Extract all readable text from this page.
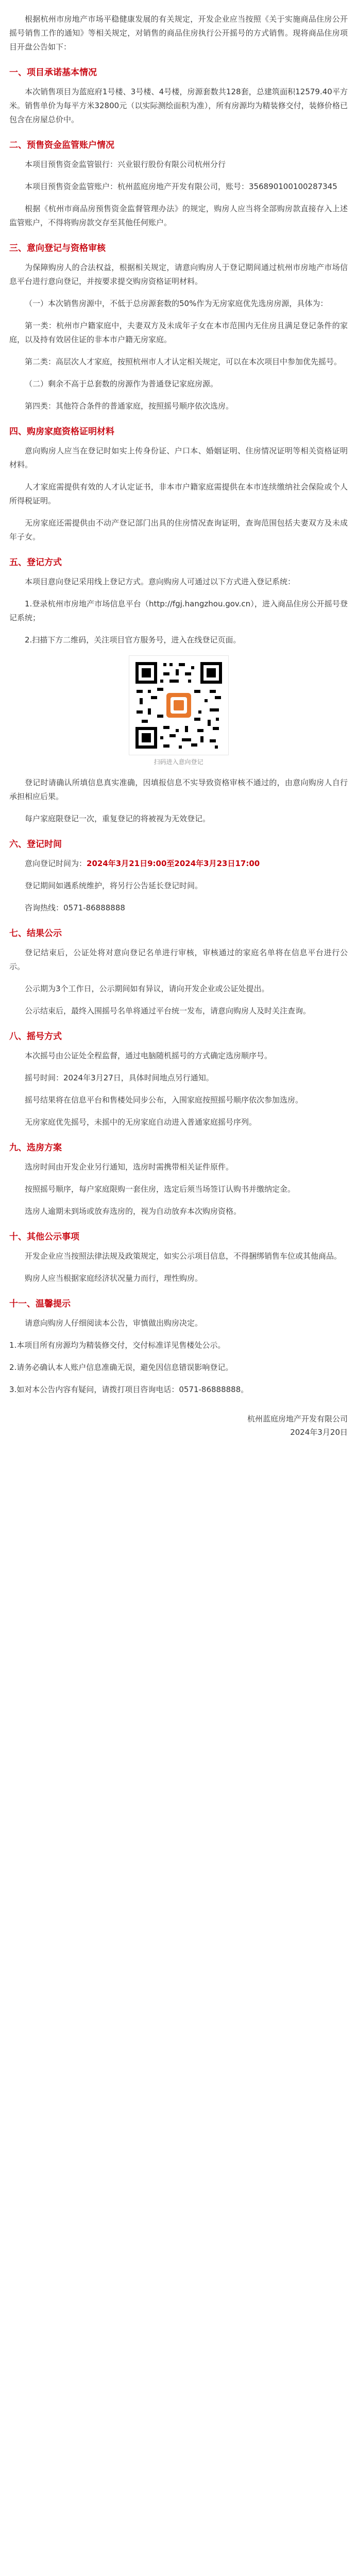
根据杭州市房地产市场平稳健康发展的有关规定，开发企业应当按照《关于实施商品住房公开摇号销售工作的通知》等相关规定，对销售的商品住房执行公开摇号的方式销售。现将商品住房项目开盘公告如下：

一、项目承诺基本情况

本次销售项目为蓝庭府1号楼、3号楼、4号楼，房源套数共128套，总建筑面积12579.40平方米。销售单价为每平方米32800元（以实际测绘面积为准），所有房源均为精装修交付，装修价格已包含在房屋总价中。

二、预售资金监管账户情况

本项目预售资金监管银行：兴业银行股份有限公司杭州分行

本项目预售资金监管账户：杭州蓝庭房地产开发有限公司，账号：356890100100287345

根据《杭州市商品房预售资金监督管理办法》的规定，购房人应当将全部购房款直接存入上述监管账户，不得将购房款交存至其他任何账户。

三、意向登记与资格审核

为保障购房人的合法权益，根据相关规定，请意向购房人于登记期间通过杭州市房地产市场信息平台进行意向登记，并按要求提交购房资格证明材料。

（一）本次销售房源中，不低于总房源套数的50%作为无房家庭优先选房房源，具体为：

第一类：杭州市户籍家庭中，夫妻双方及未成年子女在本市范围内无住房且满足登记条件的家庭，以及持有效居住证的非本市户籍无房家庭。

第二类：高层次人才家庭，按照杭州市人才认定相关规定，可以在本次项目中参加优先摇号。

（二）剩余不高于总套数的房源作为普通登记家庭房源。

第四类：其他符合条件的普通家庭，按照摇号顺序依次选房。

四、购房家庭资格证明材料

意向购房人应当在登记时如实上传身份证、户口本、婚姻证明、住房情况证明等相关资格证明材料。

人才家庭需提供有效的人才认定证书，非本市户籍家庭需提供在本市连续缴纳社会保险或个人所得税证明。

无房家庭还需提供由不动产登记部门出具的住房情况查询证明，查询范围包括夫妻双方及未成年子女。

五、登记方式

本项目意向登记采用线上登记方式。意向购房人可通过以下方式进入登记系统：

1.登录杭州市房地产市场信息平台（http://fgj.hangzhou.gov.cn），进入商品住房公开摇号登记系统；

2.扫描下方二维码，关注项目官方服务号，进入在线登记页面。

扫码进入意向登记

登记时请确认所填信息真实准确，因填报信息不实导致资格审核不通过的，由意向购房人自行承担相应后果。

每户家庭限登记一次，重复登记的将被视为无效登记。

六、登记时间

意向登记时间为：2024年3月21日9:00至2024年3月23日17:00

登记期间如遇系统维护，将另行公告延长登记时间。

咨询热线：0571-86888888

七、结果公示

登记结束后，公证处将对意向登记名单进行审核，审核通过的家庭名单将在信息平台进行公示。

公示期为3个工作日，公示期间如有异议，请向开发企业或公证处提出。

公示结束后，最终入围摇号名单将通过平台统一发布，请意向购房人及时关注查询。

八、摇号方式

本次摇号由公证处全程监督，通过电脑随机摇号的方式确定选房顺序号。

摇号时间：2024年3月27日，具体时间地点另行通知。

摇号结果将在信息平台和售楼处同步公布，入围家庭按照摇号顺序依次参加选房。

无房家庭优先摇号，未摇中的无房家庭自动进入普通家庭摇号序列。

九、选房方案

选房时间由开发企业另行通知，选房时需携带相关证件原件。

按照摇号顺序，每户家庭限购一套住房，选定后须当场签订认购书并缴纳定金。

选房人逾期未到场或放弃选房的，视为自动放弃本次购房资格。

十、其他公示事项

开发企业应当按照法律法规及政策规定，如实公示项目信息，不得捆绑销售车位或其他商品。

购房人应当根据家庭经济状况量力而行，理性购房。

十一、温馨提示

请意向购房人仔细阅读本公告，审慎做出购房决定。

1.本项目所有房源均为精装修交付，交付标准详见售楼处公示。

2.请务必确认本人账户信息准确无误，避免因信息错误影响登记。

3.如对本公告内容有疑问，请拨打项目咨询电话：0571-86888888。

杭州蓝庭房地产开发有限公司
2024年3月20日
